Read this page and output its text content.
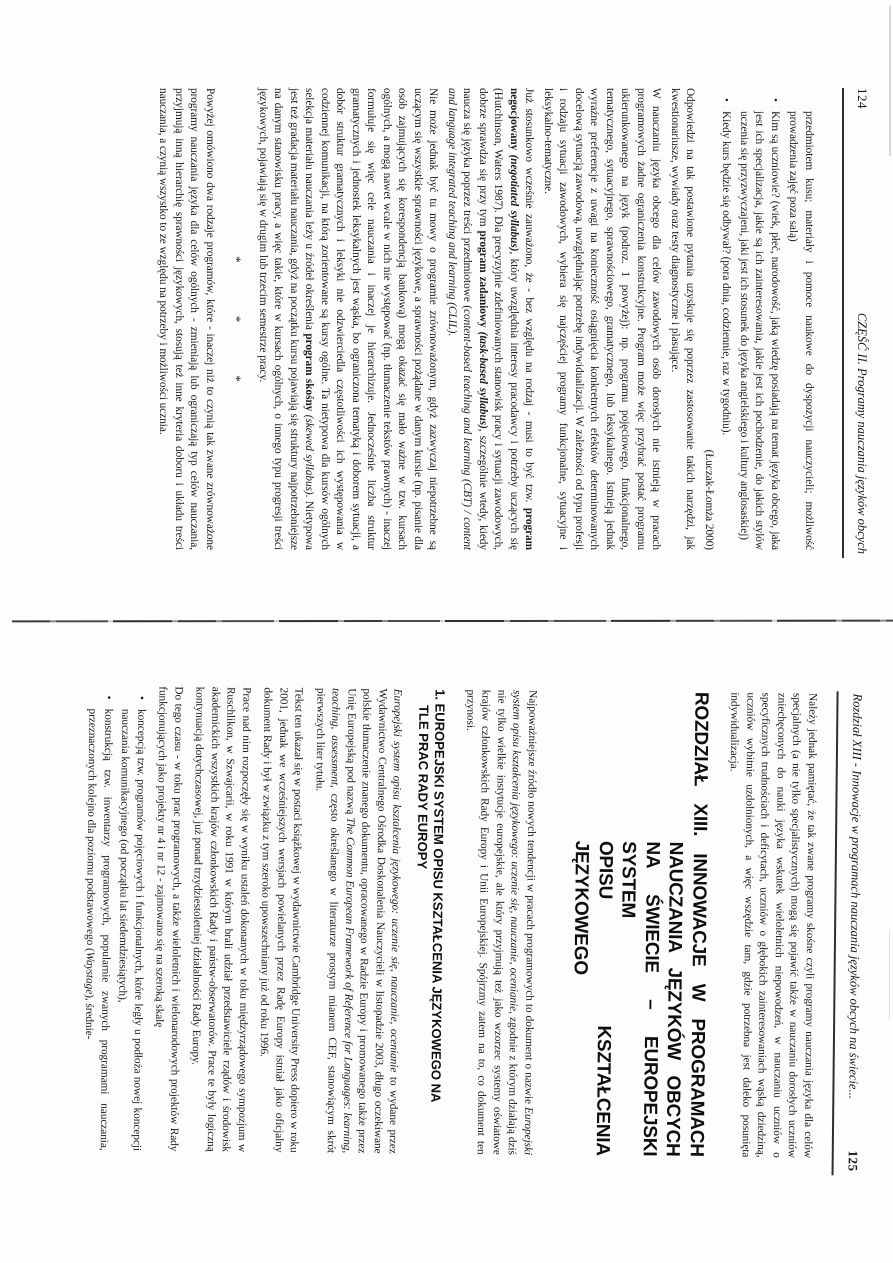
124
CZĘŚĆ II. Programy nauczania języków obcych

przedmiotem kusu; materiały i pomoce naukowe do dyspozycji nauczycieli; możliwość prowadzenia zajęć poza salą)

•

Kim są uczniowie? (wiek, płeć, narodowość, jaką wiedzę posiadają na temat języka obcego, jaka jest ich specjalizacja, jakie są ich zainteresowania, jakie jest ich pochodzenie, do jakich stylów uczenia się przyzwyczajeni, jaki jest ich stosunek do języka angielskiego i kultury anglosaskiej)

•

Kiedy kurs będzie się odbywał? (pora dnia, codziennie, raz w tygodniu).

(Łuczak-Łomża 2000)

Odpowiedzi na tak postawione pytania uzyskuje się poprzez zastosowanie takich narzędzi, jak kwestionariusze, wywiady oraz testy diagnostyczne i plasujące.

W nauczaniu języka obcego dla celów zawodowych osób dorosłych nie istnieją w pracach programowych żadne ograniczenia konstrukcyjne. Program może więc przybrać postać programu ukierunkowanego na język (podroz. 1 powyżej): np. programu pojęciowego, funkcjonalnego, tematycznego, sytuacyjnego, sprawnościowego, gramatycznego, lub leksykalnego. Istnieją jednak wyraźne preferencje z uwagi na konieczność osiągnięcia konkretnych efektów determinowanych docelową sytuacją zawodową, uwzględniając potrzebę indywidualizacji. W zależności od typu profesji i rodzaju sytuacji zawodowych, wybiera się najczęściej programy funkcjonalne, sytuacyjne i leksykalno-tematyczne.

Już stosunkowo wcześnie zauważono, że - bez względu na rodzaj - musi to być tzw. program negocjowany (negotiated syllabus), który uwzględnia interesy pracodawcy i potrzeby uczących się (Hutchinson, Waters 1987). Dla precyzyjnie zdefiniowanych stanowisk pracy i sytuacji zawodowych, dobrze sprawdza się przy tym program zadaniowy (task-based syllabus), szczególnie wtedy, kiedy naucza się języka poprzez treści przedmiotowe (content-based teaching and learning (CBT) / content and language integrated teaching and learning (CLIL).

Nie może jednak być tu mowy o programie zrównoważonym, gdyż zazwyczaj niepotrzebne są uczącym się wszystkie sprawności językowe, a sprawności pożądane w danym kursie (np. pisanie dla osób zajmujących się korespondencją bankową) mogą okazać się mało ważne w tzw. kursach ogólnych, a mogą nawet wcale w nich nie występować (np. tłumaczenie tekstów prawnych) - inaczej formułuje się więc cele nauczania i inaczej je hierarchizuje. Jednocześnie liczba struktur gramatycznych i jednostek leksykalnych jest wąska, bo ograniczona tematyką i doborem sytuacji, a dobór struktur gramatycznych i leksyki nie odzwierciedla częstotliwości ich występowania w codziennej komunikacji, na którą zorientowane są kursy ogólne. Ta nietypowa dla kursów ogólnych selekcja materiału nauczania leży u źródeł określenia program skośny (skewed syllabus). Nietypowa jest też gradacja materiału nauczania, gdyż na początku kursu pojawiają się struktury najpotrzebniejsze na danym stanowisku pracy, a więc takie, które w kursach ogólnych, o innego typu progresji treści językowych, pojawiają się w drugim lub trzecim semestrze pracy.

* * *

Powyżej omówiono dwa rodzaje programów, które - inaczej niż to czynią tak zwane zrównoważone programy nauczania języka dla celów ogólnych - zmieniają lub ograniczają typ celów nauczania, przyjmują inną hierarchię sprawności językowych, stosują też inne kryteria doboru i układu treści nauczania, a czynią wszystko to ze względu na potrzeby i możliwości ucznia.

Rozdział XIII - Innowacje w programach nauczania języków obcych na świecie...
125

Należy jednak pamiętać, że tak zwane programy skośne czyli programy nauczania języka dla celów specjalnych (a nie tylko specjalistycznych) mogą się pojawić także w nauczaniu dorosłych uczniów zniechęconych do nauki języka wskutek wieloletnich niepowodzeń, w nauczaniu uczniów o specyficznych trudnościach i deficytach, uczniów o głębokich zainteresowaniach wąską dziedziną, uczniów wybitnie uzdolnionych, a więc wszędzie tam, gdzie potrzebna jest daleko posunięta indywidualizacja.

ROZDZIAŁ XIII. INNOWACJE W PROGRAMACH
NAUCZANIA JĘZYKÓW OBCYCH
NA ŚWIECIE – EUROPEJSKI SYSTEM
OPISU KSZTAŁCENIA JĘZYKOWEGO

Najpoważniejsze źródło nowych tendencji w pracach programowych to dokument o nazwie Europejski system opisu kształcenia językowego: uczenie się, nauczanie, ocenianie, zgodnie z którym działają dziś nie tylko wielkie instytucje europejskie, ale który przyjmują też jako wzorzec systemy oświatowe krajów członkowskich Rady Europy i Unii Europejskiej. Spójrzmy zatem na to, co dokument ten przynosi.

1. EUROPEJSKI SYSTEM OPISU KSZTAŁCENIA JĘZYKOWEGO NA
TLE PRAC RADY EUROPY

Europejski system opisu kształcenia językowego: uczenie się, nauczanie, ocenianie to wydane przez Wydawnictwo Centralnego Ośrodka Doskonalenia Nauczycieli w listopadzie 2003, długo oczekiwane polskie tłumaczenie znanego dokumentu, opracowanego w Radzie Europy i promowanego także przez Unię Europejską pod nazwą The Common European Framework of Reference for Languages: learning, teaching, assessment, często określanego w literaturze prostym mianem CEF, stanowiącym skrót pierwszych liter tytułu.

Tekst ten ukazał się w postaci książkowej w wydawnictwie Cambridge University Press dopiero w roku 2001, jednak we wcześniejszych wersjach powielanych przez Radę Europy istniał jako oficjalny dokument Rady i był w związku z tym szeroko upowszechniany już od roku 1996.

Prace nad nim rozpoczęły się w wyniku ustaleń dokonanych w toku międzyrządowego sympozjum w Ruschlikon, w Szwajcarii, w roku 1991 w którym brali udział przedstawiciele rządów i środowisk akademickich wszystkich krajów członkowskich Rady i państw-obserwatorów. Prace te były logiczną kontynuacją dotychczasowej, już ponad trzydziestoletniej działalności Rady Europy.

Do tego czasu - w toku prac programowych, a także wieloletnich i wielonarodowych projektów Rady funkcjonujących jako projekty nr 4 i nr 12 - zajmowano się na szeroką skalę

•

koncepcją tzw. programów pojęciowych i funkcjonalnych, które legły u podłoża nowej koncepcji nauczania komunikacyjnego (od początku lat siedemdziesiątych),

•

konstrukcją tzw. inwentarzy programowych, popularnie zwanych programami nauczania, przeznaczonych kolejno dla poziomu podstawowego (Waystage), średnie-
